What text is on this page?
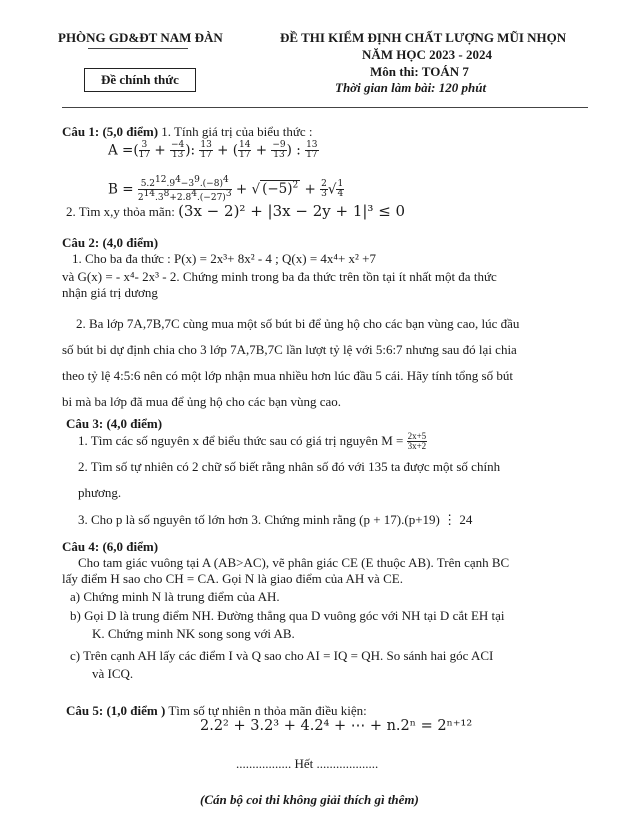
PHÒNG GD&ĐT NAM ĐÀN	ĐỀ THI KIỂM ĐỊNH CHẤT LƯỢNG MŨI NHỌN
NĂM HỌC 2023 - 2024
Môn thi: TOÁN 7
Thời gian làm bài: 120 phút
Đề chính thức
Câu 1: (5,0 điểm) 1. Tính giá trị của biểu thức :
A =( $\frac{3}{17} + \frac{-4}{13}$ ): $\frac{13}{17}$ + ( $\frac{14}{17} + \frac{-9}{13}$ ) : $\frac{13}{17}$
$B = \frac{5.2^{12}.9^4-3^9.(-8)^4}{2^{14}.3^8+2.8^4.(-27)^3}$ + √ $(-5)^2 + \frac{2}{3}$ √ $\frac{1}{4}$
2. Tìm x,y thỏa mãn: (3x − 2)² + |3x − 2y + 1|³ ≤ 0
Câu 2: (4,0 điểm)
1. Cho ba đa thức : P(x) = 2x³+ 8x² - 4 ; Q(x) = 4x⁴+ x² +7
và G(x) = - x⁴- 2x³ - 2. Chứng minh trong ba đa thức trên tồn tại ít nhất một đa thức
nhận giá trị dương
2. Ba lớp 7A,7B,7C cùng mua một số bút bi để ủng hộ cho các bạn vùng cao, lúc đầu
số bút bi dự định chia cho 3 lớp 7A,7B,7C lần lượt tỷ lệ với 5:6:7 nhưng sau đó lại chia
theo tỷ lệ 4:5:6 nên có một lớp nhận mua nhiều hơn lúc đầu 5 cái. Hãy tính tổng số bút
bi mà ba lớp đã mua để ủng hộ cho các bạn vùng cao.
Câu 3: (4,0 điểm)
1. Tìm các số nguyên x để biểu thức sau có giá trị nguyên $M = \frac{2x+5}{3x+2}$
2. Tìm số tự nhiên có 2 chữ số biết rằng nhân số đó với 135 ta được một số chính
phương.
3. Cho p là số nguyên tố lớn hơn 3. Chứng minh rằng (p + 17).(p+19) ⋮ 24
Câu 4: (6,0 điểm)
Cho tam giác vuông tại A (AB>AC), vẽ phân giác CE (E thuộc AB). Trên cạnh BC
lấy điểm H sao cho CH = CA. Gọi N là giao điểm của AH và CE.
a) Chứng minh N là trung điểm của AH.
b) Gọi D là trung điểm NH. Đường thẳng qua D vuông góc với NH tại D cắt EH tại
K. Chứng minh NK song song với AB.
c) Trên cạnh AH lấy các điểm I và Q sao cho AI = IQ = QH. So sánh hai góc ACI
và ICQ.
Câu 5: (1,0 điểm ) Tìm số tự nhiên n thỏa mãn điều kiện:
2.2² + 3.2³ + 4.2⁴ + ⋯ + n.2ⁿ = 2ⁿ⁺¹²
................. Hết ...................
(Cán bộ coi thi không giải thích gì thêm)
